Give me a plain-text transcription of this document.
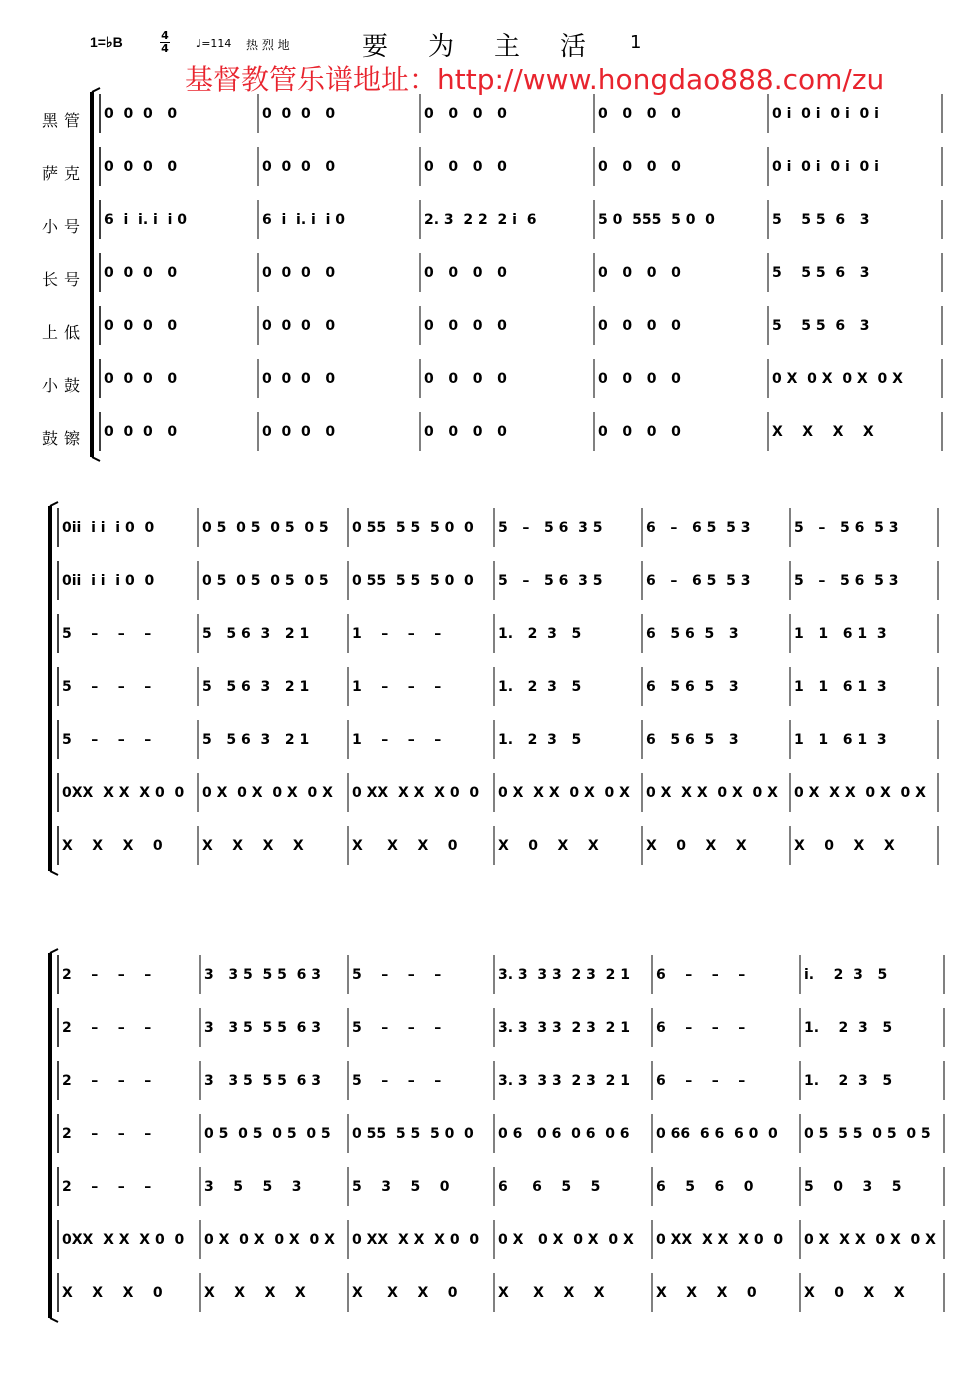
1=♭B	4
4 ♩=114 热 烈 地	要为主活 1
基督教管乐谱地址：http://www.hongdao888.com/zu
黑管
萨克
小号
长号
上低
小鼓
鼓镲
0  0  0   0	0  0  0   0	0   0   0   0	0   0   0   0	0 i  0 i  0 i  0 i
0  0  0   0	0  0  0   0	0   0   0   0	0   0   0   0	0 i  0 i  0 i  0 i
6  i  i. i  i 0	6  i  i. i  i 0	2. 3  2 2  2 i  6	5 0  555  5 0  0	5    5 5  6   3
0  0  0   0	0  0  0   0	0   0   0   0	0   0   0   0	5    5 5  6   3
0  0  0   0	0  0  0   0	0   0   0   0	0   0   0   0	5    5 5  6   3
0  0  0   0	0  0  0   0	0   0   0   0	0   0   0   0	0 X  0 X  0 X  0 X
0  0  0   0	0  0  0   0	0   0   0   0	0   0   0   0	X    X    X    X
0ii  i i  i 0  0	0 5  0 5  0 5  0 5	0 55  5 5  5 0  0	5   –   5 6  3 5	6   –   6 5  5 3	5   –   5 6  5 3
0ii  i i  i 0  0	0 5  0 5  0 5  0 5	0 55  5 5  5 0  0	5   –   5 6  3 5	6   –   6 5  5 3	5   –   5 6  5 3
5    –    –    –	5   5 6  3   2 1	1    –    –    –	1.   2  3   5	6   5 6  5   3	1   1   6 1  3
5    –    –    –	5   5 6  3   2 1	1    –    –    –	1.   2  3   5	6   5 6  5   3	1   1   6 1  3
5    –    –    –	5   5 6  3   2 1	1    –    –    –	1.   2  3   5	6   5 6  5   3	1   1   6 1  3
0XX  X X  X 0  0	0 X  0 X  0 X  0 X	0 XX  X X  X 0  0	0 X  X X  0 X  0 X	0 X  X X  0 X  0 X	0 X  X X  0 X  0 X
X    X    X    0	X    X    X    X	X     X    X    0	X    0    X    X	X    0    X    X	X    0    X    X
2    –    –    –	3   3 5  5 5  6 3	5    –    –    –	3. 3  3 3  2 3  2 1	6    –    –    –	i.    2  3   5
2    –    –    –	3   3 5  5 5  6 3	5    –    –    –	3. 3  3 3  2 3  2 1	6    –    –    –	1.    2  3   5
2    –    –    –	3   3 5  5 5  6 3	5    –    –    –	3. 3  3 3  2 3  2 1	6    –    –    –	1.    2  3   5
2    –    –    –	0 5  0 5  0 5  0 5	0 55  5 5  5 0  0	0 6   0 6  0 6  0 6	0 66  6 6  6 0  0	0 5  5 5  0 5  0 5
2    –    –    –	3    5    5    3	5    3    5    0	6     6    5    5	6    5    6    0	5    0    3    5
0XX  X X  X 0  0	0 X  0 X  0 X  0 X	0 XX  X X  X 0  0	0 X   0 X  0 X  0 X	0 XX  X X  X 0  0	0 X  X X  0 X  0 X
X    X    X    0	X    X    X    X	X     X    X    0	X     X    X    X	X    X    X    0	X    0    X    X
